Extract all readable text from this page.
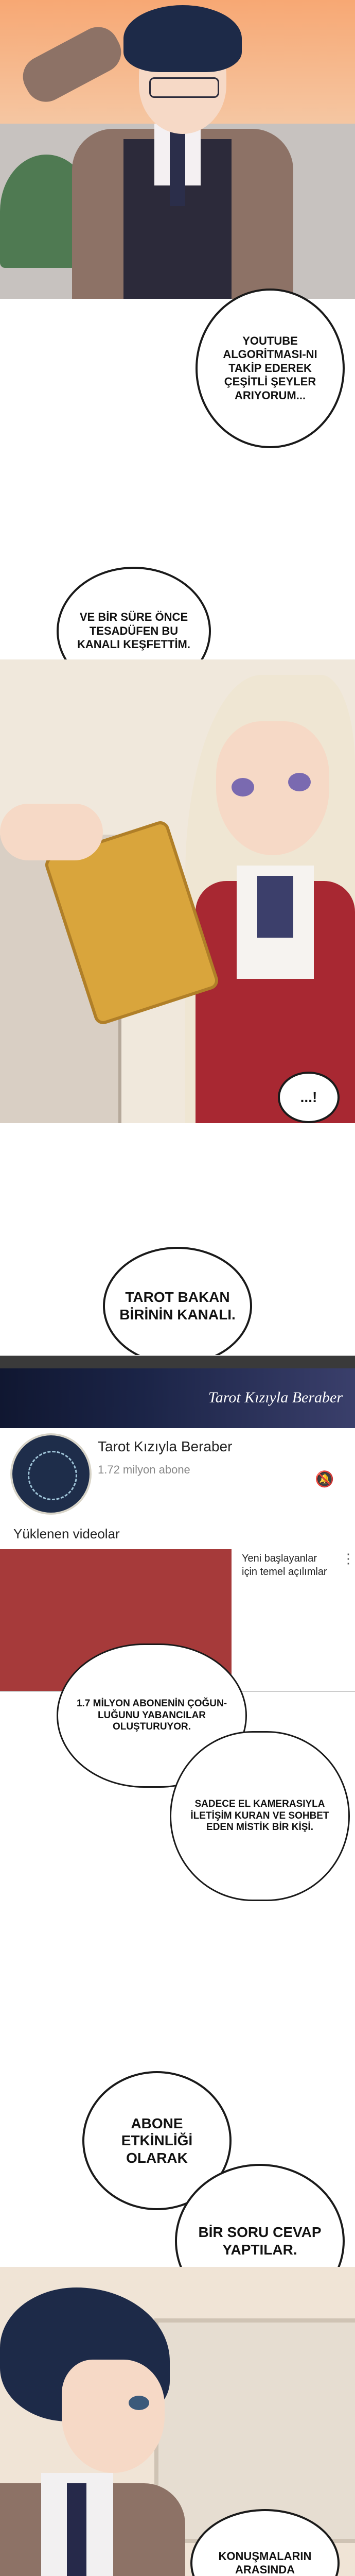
YOUTUBE ALGORİTMASI-NI TAKİP EDEREK ÇEŞİTLİ ŞEYLER ARIYORUM...
VE BİR SÜRE ÖNCE TESADÜFEN BU KANALI KEŞFETTİM.
...!
TAROT BAKAN BİRİNİN KANALI.
Tarot Kızıyla Beraber
Tarot Kızıyla Beraber
1.72 milyon abone
🔕
Yüklenen videolar
Yeni başlayanlar için temel açılımlar
⋮
1.7 MİLYON ABONENİN ÇOĞUN-LUĞUNU YABANCILAR OLUŞTURUYOR.
SADECE EL KAMERASIYLA İLETİŞİM KURAN VE SOHBET EDEN MİSTİK BİR KİŞİ.
ABONE ETKİNLİĞİ OLARAK
BİR SORU CEVAP YAPTILAR.
KONUŞMALARIN ARASINDA
